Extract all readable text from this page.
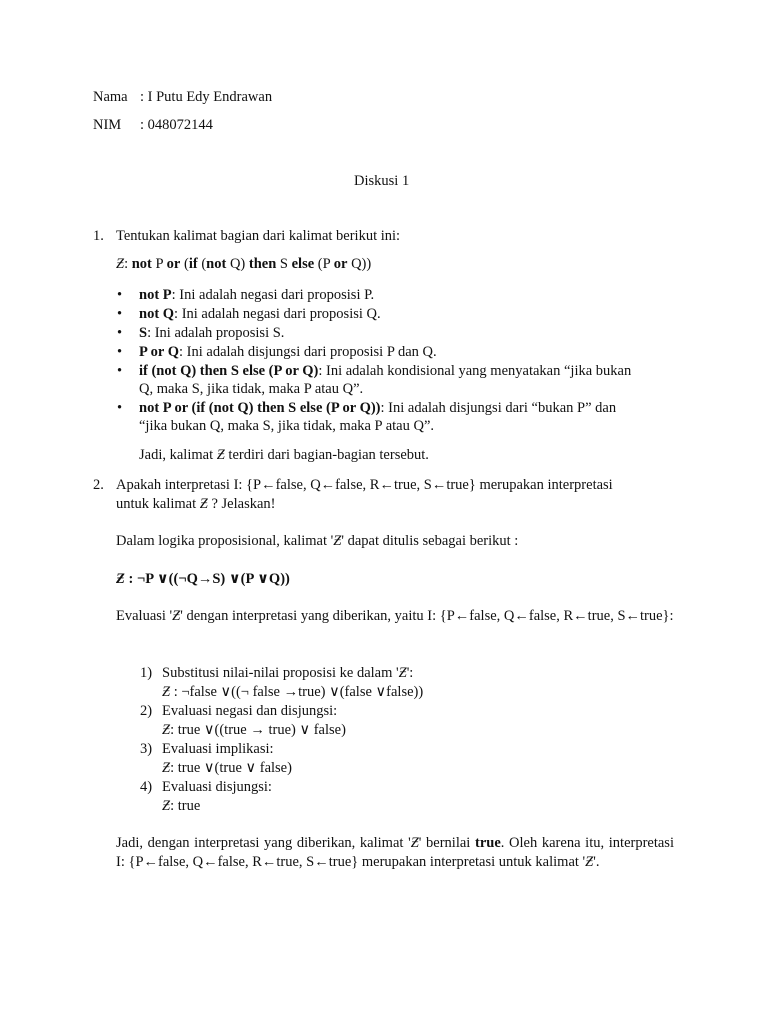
Nama : I Putu Edy Endrawan
NIM : 048072144
Diskusi 1
1. Tentukan kalimat bagian dari kalimat berikut ini:
Ƶ: not P or (if (not Q) then S else (P or Q))
• not P: Ini adalah negasi dari proposisi P.
• not Q: Ini adalah negasi dari proposisi Q.
• S: Ini adalah proposisi S.
• P or Q: Ini adalah disjungsi dari proposisi P dan Q.
• if (not Q) then S else (P or Q): Ini adalah kondisional yang menyatakan “jika bukan
Q, maka S, jika tidak, maka P atau Q”.
• not P or (if (not Q) then S else (P or Q)): Ini adalah disjungsi dari “bukan P” dan
“jika bukan Q, maka S, jika tidak, maka P atau Q”.
Jadi, kalimat Ƶ terdiri dari bagian-bagian tersebut.
2. Apakah interpretasi I: {P←false, Q←false, R←true, S←true} merupakan interpretasi
untuk kalimat Ƶ ? Jelaskan!
Dalam logika proposisional, kalimat 'Ƶ' dapat ditulis sebagai berikut :
Ƶ : ¬P ∨((¬Q→S) ∨(P ∨Q))
Evaluasi 'Ƶ' dengan interpretasi yang diberikan, yaitu I: {P←false, Q←false, R←true, S←true}:
1) Substitusi nilai-nilai proposisi ke dalam 'Ƶ':
Ƶ : ¬false ∨((¬ false →true) ∨(false ∨false))
2) Evaluasi negasi dan disjungsi:
Ƶ: true ∨((true → true) ∨ false)
3) Evaluasi implikasi:
Ƶ: true ∨(true ∨ false)
4) Evaluasi disjungsi:
Ƶ: true
Jadi, dengan interpretasi yang diberikan, kalimat 'Ƶ' bernilai true. Oleh karena itu, interpretasi I: {P←false, Q←false, R←true, S←true} merupakan interpretasi untuk kalimat 'Ƶ'.
